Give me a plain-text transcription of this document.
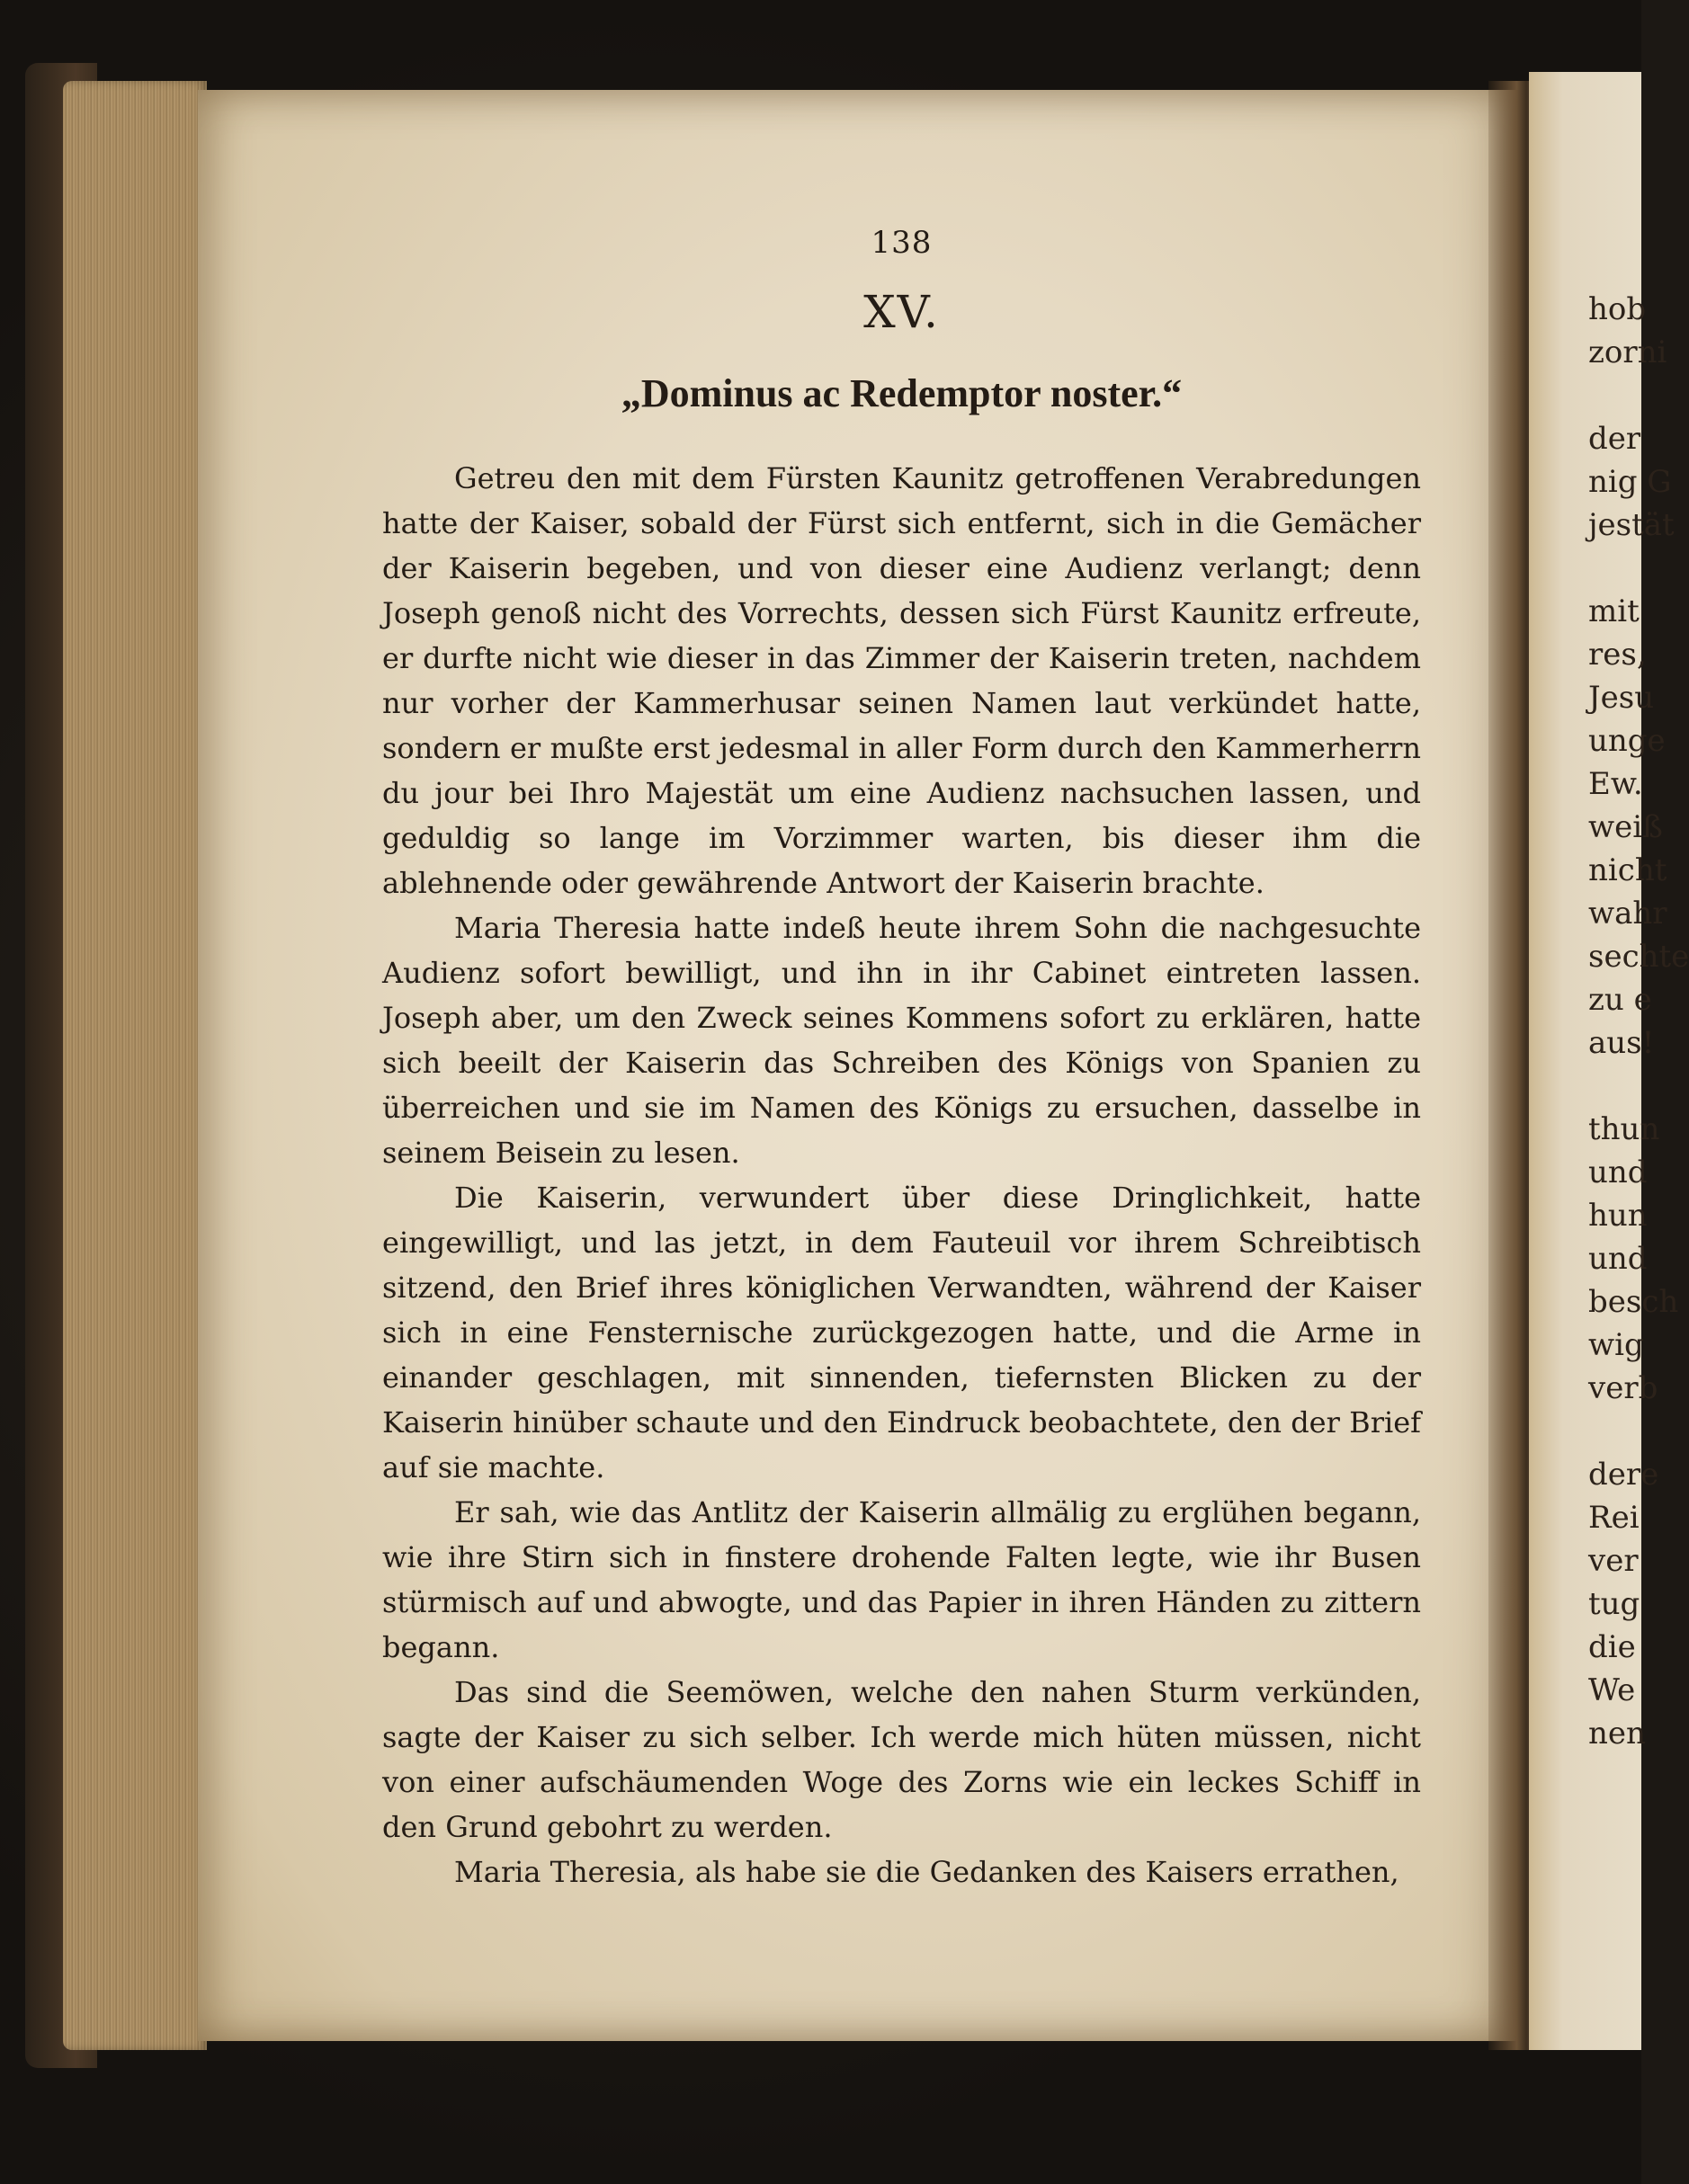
hob
zorni
der
nig G
jestät
mit
res,
Jesu
unge
Ew.
weiß
nicht
wahr
sechte
zu e
aus!
thun
und
hun
und
besch
wig
verb
dere
Rei
ver
tug
die
We
nen
138
XV.
„Dominus ac Redemptor noster.“

Getreu den mit dem Fürsten Kaunitz getroffenen Verabredungen hatte der Kaiser, sobald der Fürst sich entfernt, sich in die Gemächer der Kaiserin begeben, und von dieser eine Audienz verlangt; denn Joseph genoß nicht des Vorrechts, dessen sich Fürst Kaunitz erfreute, er durfte nicht wie dieser in das Zimmer der Kaiserin treten, nachdem nur vorher der Kammerhusar seinen Namen laut verkündet hatte, sondern er mußte erst jedesmal in aller Form durch den Kammerherrn du jour bei Ihro Majestät um eine Audienz nachsuchen lassen, und geduldig so lange im Vorzimmer warten, bis dieser ihm die ablehnende oder gewährende Antwort der Kaiserin brachte.

Maria Theresia hatte indeß heute ihrem Sohn die nachgesuchte Audienz sofort bewilligt, und ihn in ihr Cabinet eintreten lassen. Joseph aber, um den Zweck seines Kommens sofort zu erklären, hatte sich beeilt der Kaiserin das Schreiben des Königs von Spanien zu überreichen und sie im Namen des Königs zu ersuchen, dasselbe in seinem Beisein zu lesen.

Die Kaiserin, verwundert über diese Dringlichkeit, hatte eingewilligt, und las jetzt, in dem Fauteuil vor ihrem Schreibtisch sitzend, den Brief ihres königlichen Verwandten, während der Kaiser sich in eine Fensternische zurückgezogen hatte, und die Arme in einander geschlagen, mit sinnenden, tiefernsten Blicken zu der Kaiserin hinüber schaute und den Eindruck beobachtete, den der Brief auf sie machte.

Er sah, wie das Antlitz der Kaiserin allmälig zu erglühen begann, wie ihre Stirn sich in finstere drohende Falten legte, wie ihr Busen stürmisch auf und abwogte, und das Papier in ihren Händen zu zittern begann.

Das sind die Seemöwen, welche den nahen Sturm verkünden, sagte der Kaiser zu sich selber. Ich werde mich hüten müssen, nicht von einer aufschäumenden Woge des Zorns wie ein leckes Schiff in den Grund gebohrt zu werden.

Maria Theresia, als habe sie die Gedanken des Kaisers errathen,
